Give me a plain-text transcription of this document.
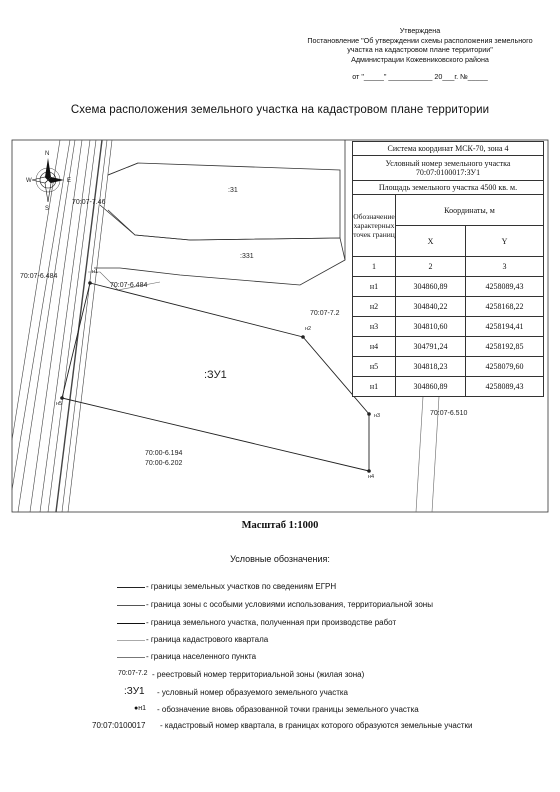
Утверждена
Постановление "Об утверждении схемы расположения земельного
участка на кадастровом плане территории"
Администрации Кожевниковского района
от "_____" ___________ 20___г. №_____
Схема расположения земельного участка на кадастровом плане территории
N
S
W	E
70:07-7.46
:31
:331
70:07-6.484
70:07-6.484
70:07-7.2
:ЗУ1
70:07-6.510
70:00-6.194
70:00-6.202
н1
н2
н3
н4
н5
Система координат МСК-70, зона 4		

Условный номер земельного участка
70:07:0100017:ЗУ1		

Площадь земельного участка 4500 кв. м.		
Обозначение характерных точек границ	Координаты, м	
	X	Y
1	2	3
н1	304860,89	4258089,43
н2	304840,22	4258168,22
н3	304810,60	4258194,41
н4	304791,24	4258192,85
н5	304818,23	4258079,60
н1	304860,89	4258089,43
Масштаб 1:1000
Условные обозначения:
- границы земельных участков по сведениям ЕГРН
- граница зоны с особыми условиями использования, территориальной зоны
- граница земельного участка, полученная при производстве работ
- граница кадастрового квартала
- граница населенного пункта
70:07-7.2 - реестровый номер территориальной зоны (жилая зона)
:ЗУ1 - условный номер образуемого земельного участка
●н1 - обозначение вновь образованной точки границы земельного участка
70:07:0100017 - кадастровый номер квартала, в границах которого образуются земельные участки
